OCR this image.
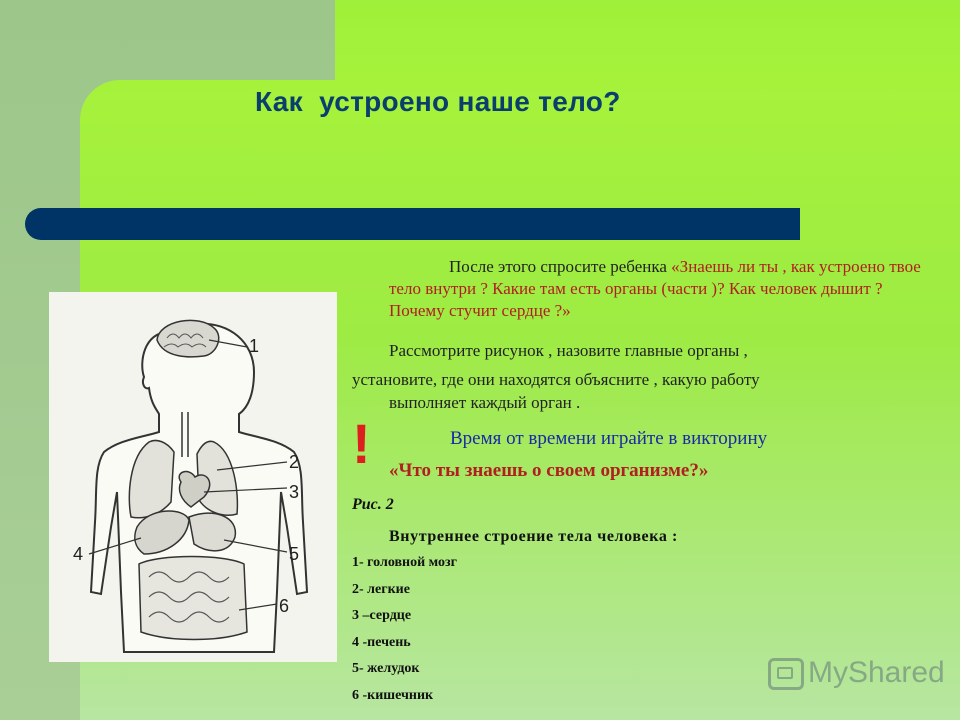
Как  устроено наше тело?
1
2
3
4	5
6
После этого спросите ребенка «Знаешь ли ты , как устроено твое тело внутри ? Какие там есть органы (части )? Как человек дышит ? Почему стучит сердце ?»
Рассмотрите рисунок , назовите главные органы ,
установите, где они находятся объясните , какую работу
выполняет каждый орган .
!	Время от времени играйте в викторину
«Что ты знаешь о своем организме?»
Рис. 2
Внутреннее строение тела человека :
1- головной мозг
2- легкие
3 –сердце
4 -печень
5- желудок
6 -кишечник
MyShared
